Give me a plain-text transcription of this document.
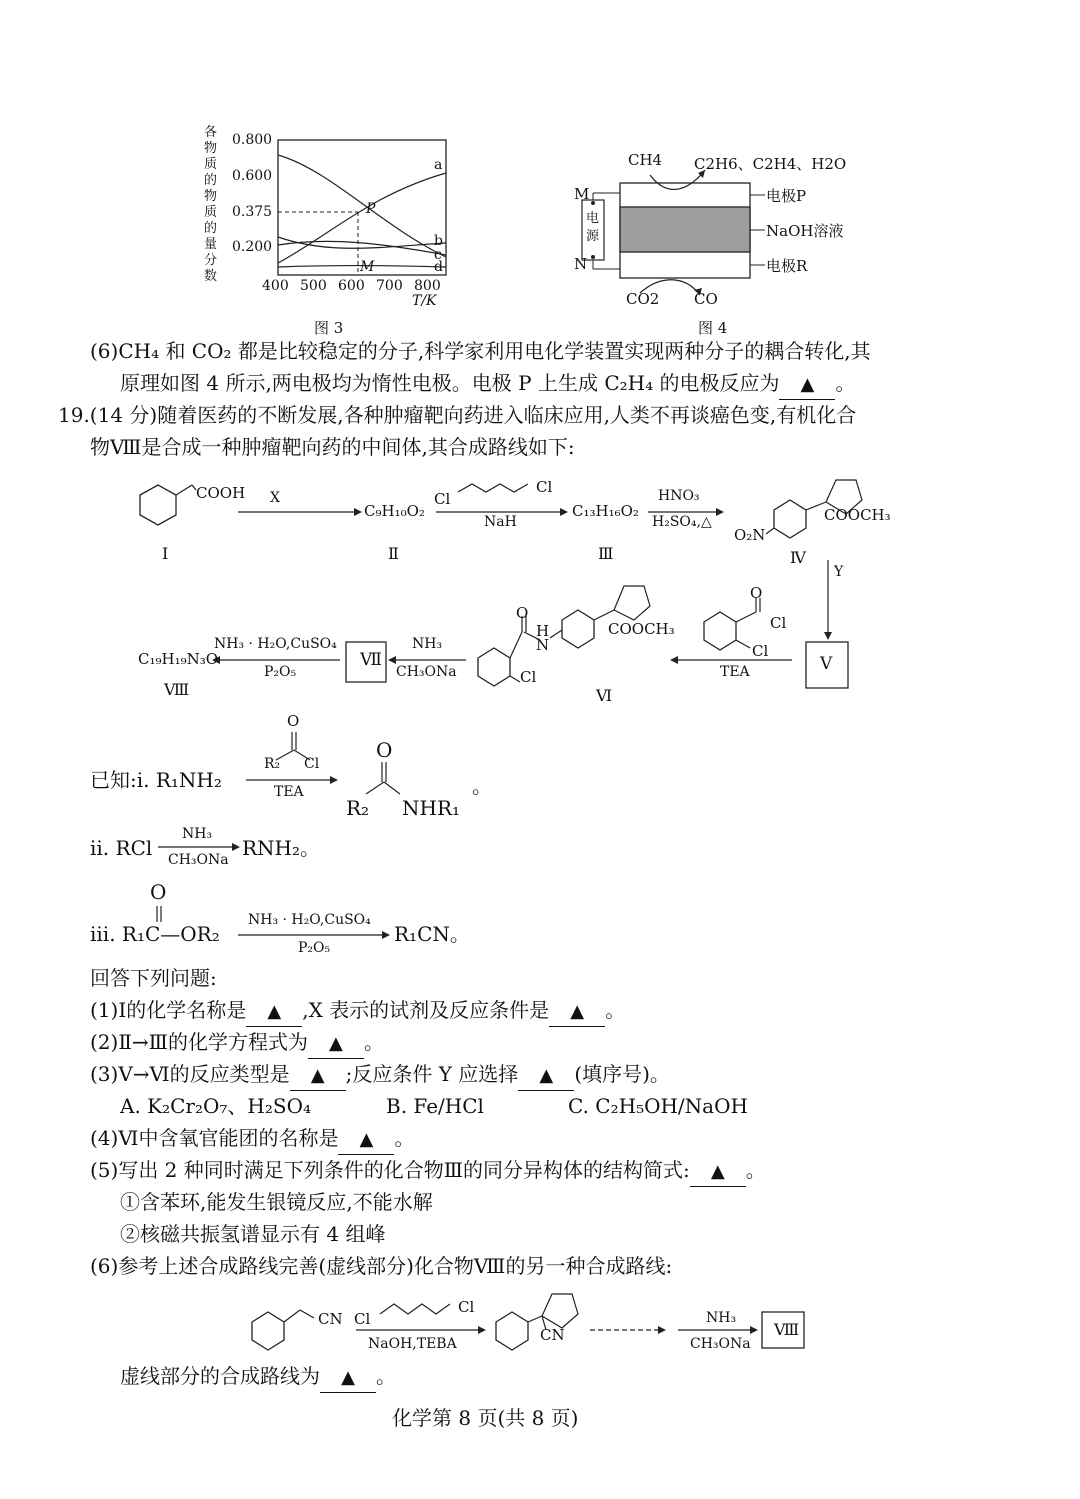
各物质的物质的量分数
0.800
0.600
0.375
0.200
400 500 600 700 800
T/K
P
M
a
b
c
d
图 3
CH4 C2H6、C2H4、H2O
M
N
电源
电极P
NaOH溶液
电极R
CO2 CO
图 4
(6)CH₄ 和 CO₂ 都是比较稳定的分子,科学家利用电化学装置实现两种分子的耦合转化,其
原理如图 4 所示,两电极均为惰性电极。电极 P 上生成 C₂H₄ 的电极反应为 ▲ 。
19.(14 分)随着医药的不断发展,各种肿瘤靶向药进入临床应用,人类不再谈癌色变,有机化合
物Ⅷ是合成一种肿瘤靶向药的中间体,其合成路线如下:
COOH X
C₉H₁₀O₂
Cl
Cl
NaH
C₁₃H₁₆O₂
HNO₃
H₂SO₄,△
O₂N
COOCH₃
Y
Ⅴ
O
Cl
Cl
TEA
O
H
N
Cl
COOCH₃
NH₃
CH₃ONa
Ⅶ
NH₃ · H₂O,CuSO₄
P₂O₅
C₁₉H₁₉N₃O
Ⅰ	Ⅱ	Ⅲ	Ⅳ
Ⅵ
Ⅷ
O
R₂ Cl
TEA
已知:ⅰ. R₁NH₂
O
R₂ NHR₁
。
ⅱ. RCl
NH₃
CH₃ONa RNH₂。
O
ⅲ. R₁C—OR₂
NH₃ · H₂O,CuSO₄
P₂O₅
R₁CN。
回答下列问题:
(1)Ⅰ的化学名称是 ▲ ,X 表示的试剂及反应条件是 ▲ 。
(2)Ⅱ→Ⅲ的化学方程式为 ▲ 。
(3)Ⅴ→Ⅵ的反应类型是 ▲ ;反应条件 Y 应选择 ▲ (填序号)。
A. K₂Cr₂O₇、H₂SO₄	B. Fe/HCl	C. C₂H₅OH/NaOH
(4)Ⅵ中含氧官能团的名称是 ▲ 。
(5)写出 2 种同时满足下列条件的化合物Ⅲ的同分异构体的结构简式: ▲ 。
①含苯环,能发生银镜反应,不能水解
②核磁共振氢谱显示有 4 组峰
(6)参考上述合成路线完善(虚线部分)化合物Ⅷ的另一种合成路线:
CN Cl
Cl
NaOH,TEBA	CN
NH₃
CH₃ONa
Ⅷ
虚线部分的合成路线为 ▲ 。
化学第 8 页(共 8 页)
